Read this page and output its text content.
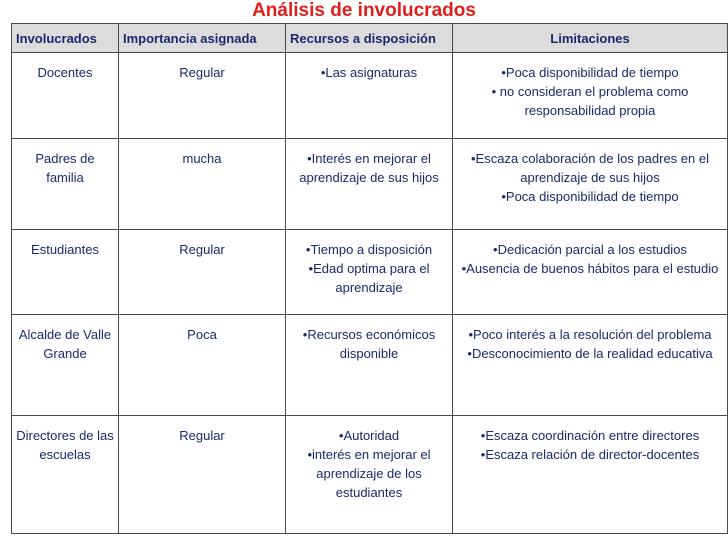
Análisis de involucrados
Involucrados	Importancia asignada	Recursos a disposición	Limitaciones
Docentes	Regular	•Las asignaturas	•Poca disponibilidad de tiempo
• no consideran el problema como responsabilidad propia

Padres de familia	mucha	•Interés en mejorar el aprendizaje de sus hijos	•Escaza colaboración de los padres en el aprendizaje de sus hijos
•Poca disponibilidad de tiempo

Estudiantes	Regular	•Tiempo a disposición
•Edad optima para el aprendizaje	•Dedicación parcial a los estudios
•Ausencia de buenos hábitos para el estudio

Alcalde de Valle Grande	Poca	•Recursos económicos disponible	•Poco interés a la resolución del problema
•Desconocimiento de la realidad educativa

Directores de las escuelas	Regular	•Autoridad
•interés en mejorar el aprendizaje de los estudiantes	•Escaza coordinación entre directores
•Escaza relación de director-docentes
